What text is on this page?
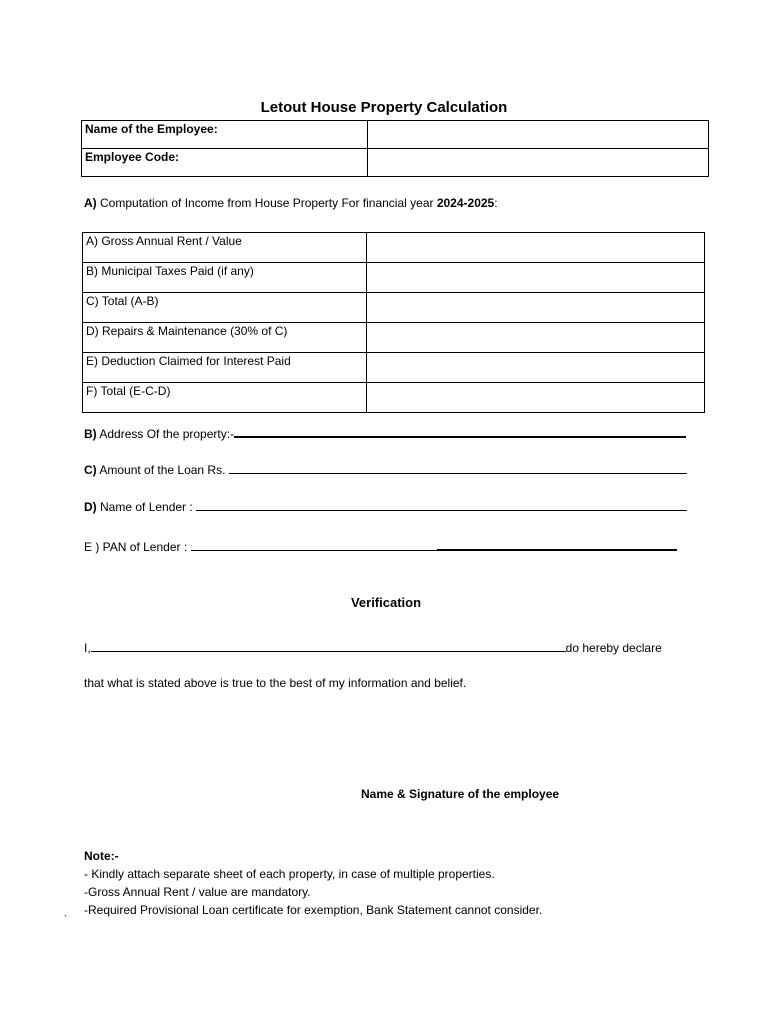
Letout House Property Calculation
Name of the Employee:	
Employee Code:	
A) Computation of Income from House Property For financial year 2024-2025:
A) Gross Annual Rent / Value	
B) Municipal Taxes Paid (if any)	
C) Total (A-B)	
D) Repairs & Maintenance (30% of C)	
E) Deduction Claimed for Interest Paid	
F) Total (E-C-D)	
B) Address Of the property:-
C) Amount of the Loan Rs.
D) Name of Lender :
E ) PAN of Lender :
Verification
I,	do hereby declare
that what is stated above is true to the best of my information and belief.
Name & Signature of the employee
Note:-
- Kindly attach separate sheet of each property, in case of multiple properties.
-Gross Annual Rent / value are mandatory.
-Required Provisional Loan certificate for exemption, Bank Statement cannot consider.
`
